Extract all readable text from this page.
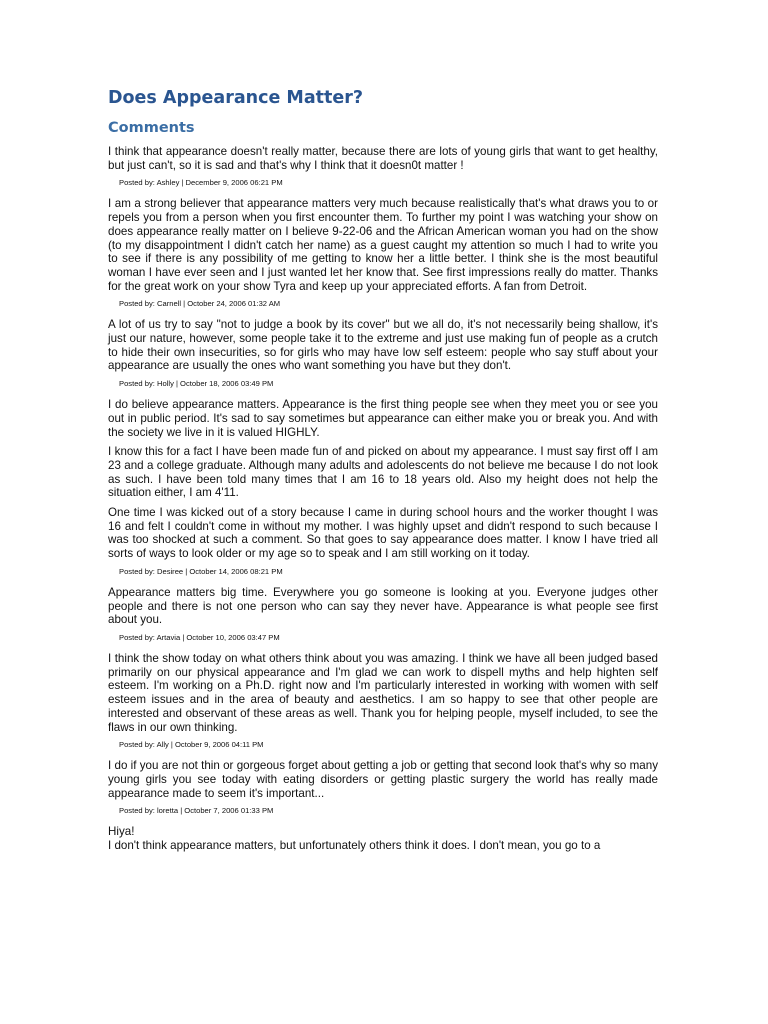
Does Appearance Matter?
Comments

I think that appearance doesn't really matter, because there are lots of young girls that want to get healthy, but just can't, so it is sad and that's why I think that it doesn0t matter !

Posted by: Ashley | December 9, 2006 06:21 PM

I am a strong believer that appearance matters very much because realistically that's what draws you to or repels you from a person when you first encounter them. To further my point I was watching your show on does appearance really matter on I believe 9-22-06 and the African American woman you had on the show (to my disappointment I didn't catch her name) as a guest caught my attention so much I had to write you to see if there is any possibility of me getting to know her a little better. I think she is the most beautiful woman I have ever seen and I just wanted let her know that. See first impressions really do matter. Thanks for the great work on your show Tyra and keep up your appreciated efforts. A fan from Detroit.

Posted by: Carnell | October 24, 2006 01:32 AM

A lot of us try to say "not to judge a book by its cover" but we all do, it's not necessarily being shallow, it's just our nature, however, some people take it to the extreme and just use making fun of people as a crutch to hide their own insecurities, so for girls who may have low self esteem: people who say stuff about your appearance are usually the ones who want something you have but they don't.

Posted by: Holly | October 18, 2006 03:49 PM

I do believe appearance matters. Appearance is the first thing people see when they meet you or see you out in public period. It's sad to say sometimes but appearance can either make you or break you. And with the society we live in it is valued HIGHLY.

I know this for a fact I have been made fun of and picked on about my appearance. I must say first off I am 23 and a college graduate. Although many adults and adolescents do not believe me because I do not look as such. I have been told many times that I am 16 to 18 years old. Also my height does not help the situation either, I am 4'11.

One time I was kicked out of a story because I came in during school hours and the worker thought I was 16 and felt I couldn't come in without my mother. I was highly upset and didn't respond to such because I was too shocked at such a comment. So that goes to say appearance does matter. I know I have tried all sorts of ways to look older or my age so to speak and I am still working on it today.

Posted by: Desiree | October 14, 2006 08:21 PM

Appearance matters big time. Everywhere you go someone is looking at you. Everyone judges other people and there is not one person who can say they never have. Appearance is what people see first about you.

Posted by: Artavia | October 10, 2006 03:47 PM

I think the show today on what others think about you was amazing. I think we have all been judged based primarily on our physical appearance and I'm glad we can work to dispell myths and help highten self esteem. I'm working on a Ph.D. right now and I'm particularly interested in working with women with self esteem issues and in the area of beauty and aesthetics. I am so happy to see that other people are interested and observant of these areas as well. Thank you for helping people, myself included, to see the flaws in our own thinking.

Posted by: Ally | October 9, 2006 04:11 PM

I do if you are not thin or gorgeous forget about getting a job or getting that second look that's why so many young girls you see today with eating disorders or getting plastic surgery the world has really made appearance made to seem it's important...

Posted by: loretta | October 7, 2006 01:33 PM

Hiya!

I don't think appearance matters, but unfortunately others think it does. I don't mean, you go to a
